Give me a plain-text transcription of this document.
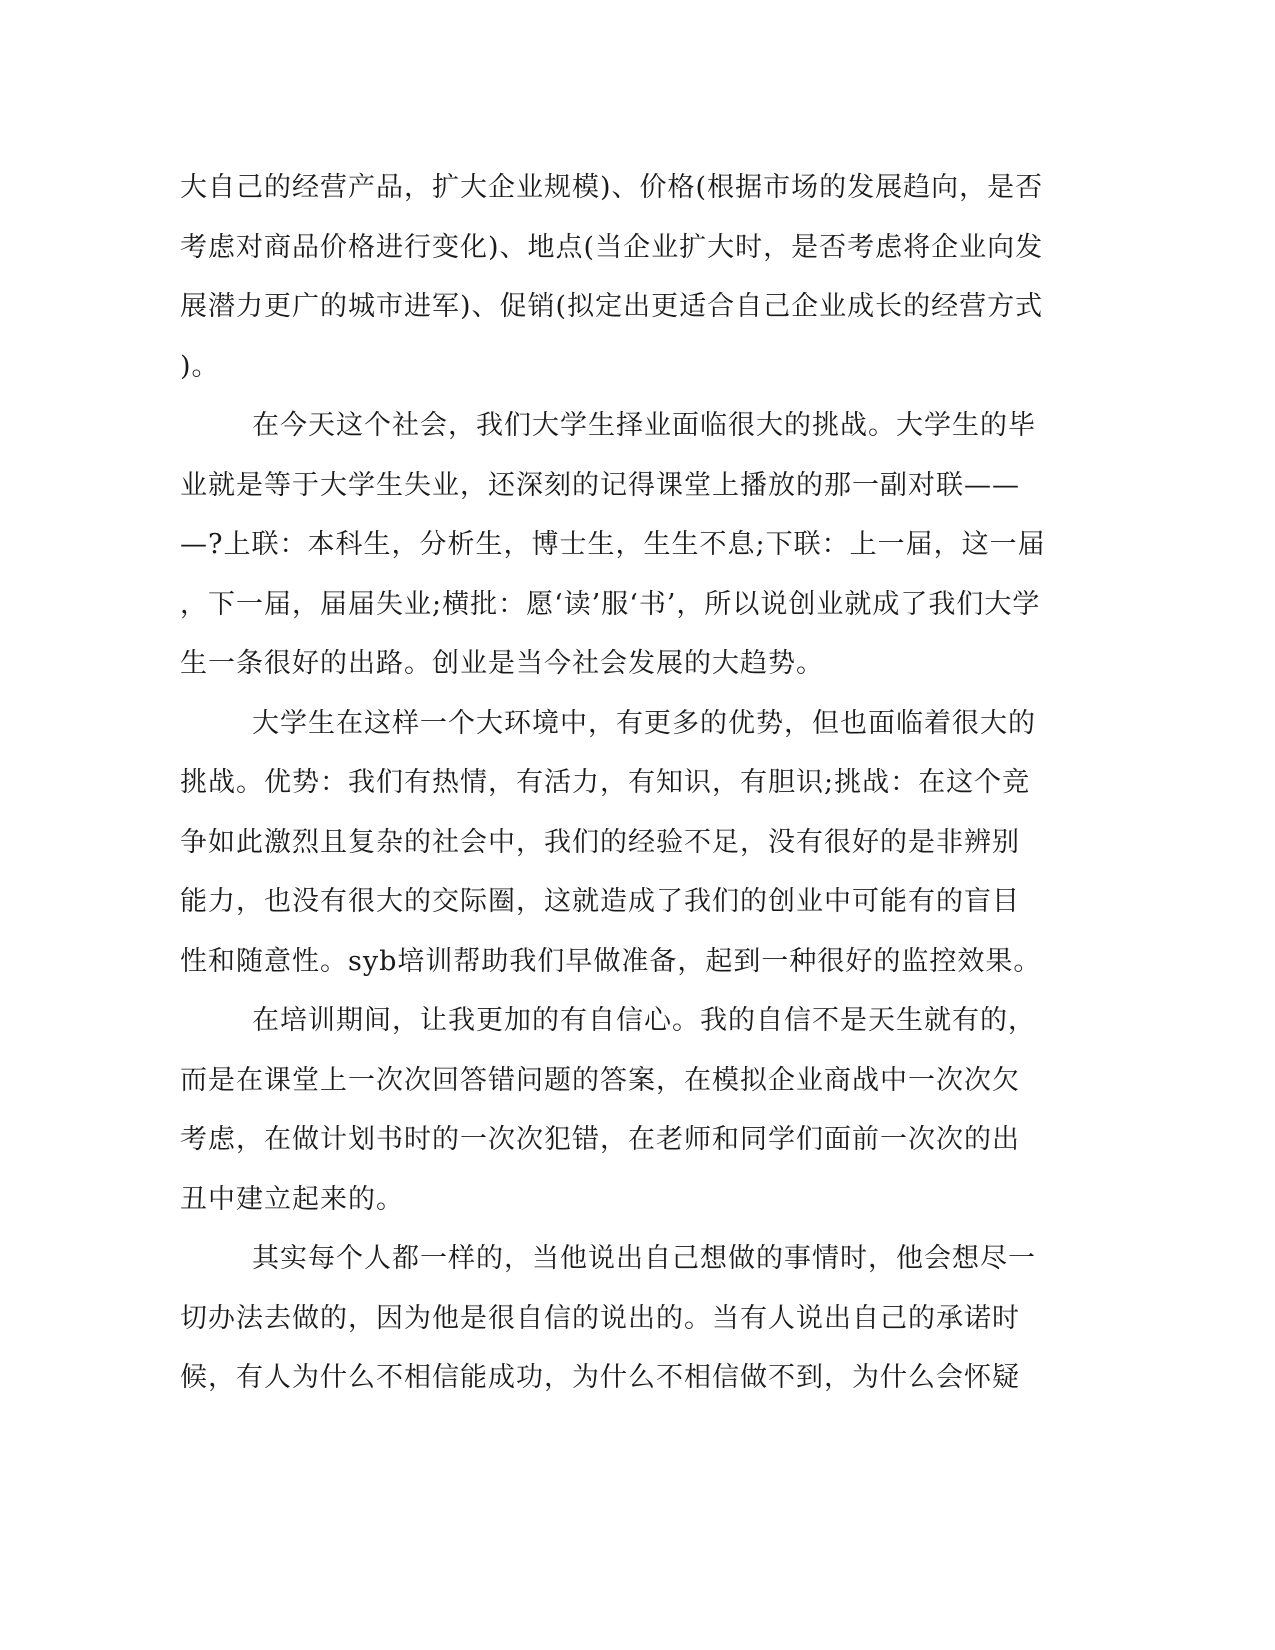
大自己的经营产品，扩大企业规模)、价格(根据市场的发展趋向，是否
考虑对商品价格进行变化)、地点(当企业扩大时，是否考虑将企业向发
展潜力更广的城市进军)、促销(拟定出更适合自己企业成长的经营方式
)。
在今天这个社会，我们大学生择业面临很大的挑战。大学生的毕
业就是等于大学生失业，还深刻的记得课堂上播放的那一副对联——
—?上联：本科生，分析生，博士生，生生不息;下联：上一届，这一届
，下一届，届届失业;横批：愿‘读’服‘书’，所以说创业就成了我们大学
生一条很好的出路。创业是当今社会发展的大趋势。
大学生在这样一个大环境中，有更多的优势，但也面临着很大的
挑战。优势：我们有热情，有活力，有知识，有胆识;挑战：在这个竞
争如此激烈且复杂的社会中，我们的经验不足，没有很好的是非辨别
能力，也没有很大的交际圈，这就造成了我们的创业中可能有的盲目
性和随意性。syb培训帮助我们早做准备，起到一种很好的监控效果。
在培训期间，让我更加的有自信心。我的自信不是天生就有的，
而是在课堂上一次次回答错问题的答案，在模拟企业商战中一次次欠
考虑，在做计划书时的一次次犯错，在老师和同学们面前一次次的出
丑中建立起来的。
其实每个人都一样的，当他说出自己想做的事情时，他会想尽一
切办法去做的，因为他是很自信的说出的。当有人说出自己的承诺时
候，有人为什么不相信能成功，为什么不相信做不到，为什么会怀疑
